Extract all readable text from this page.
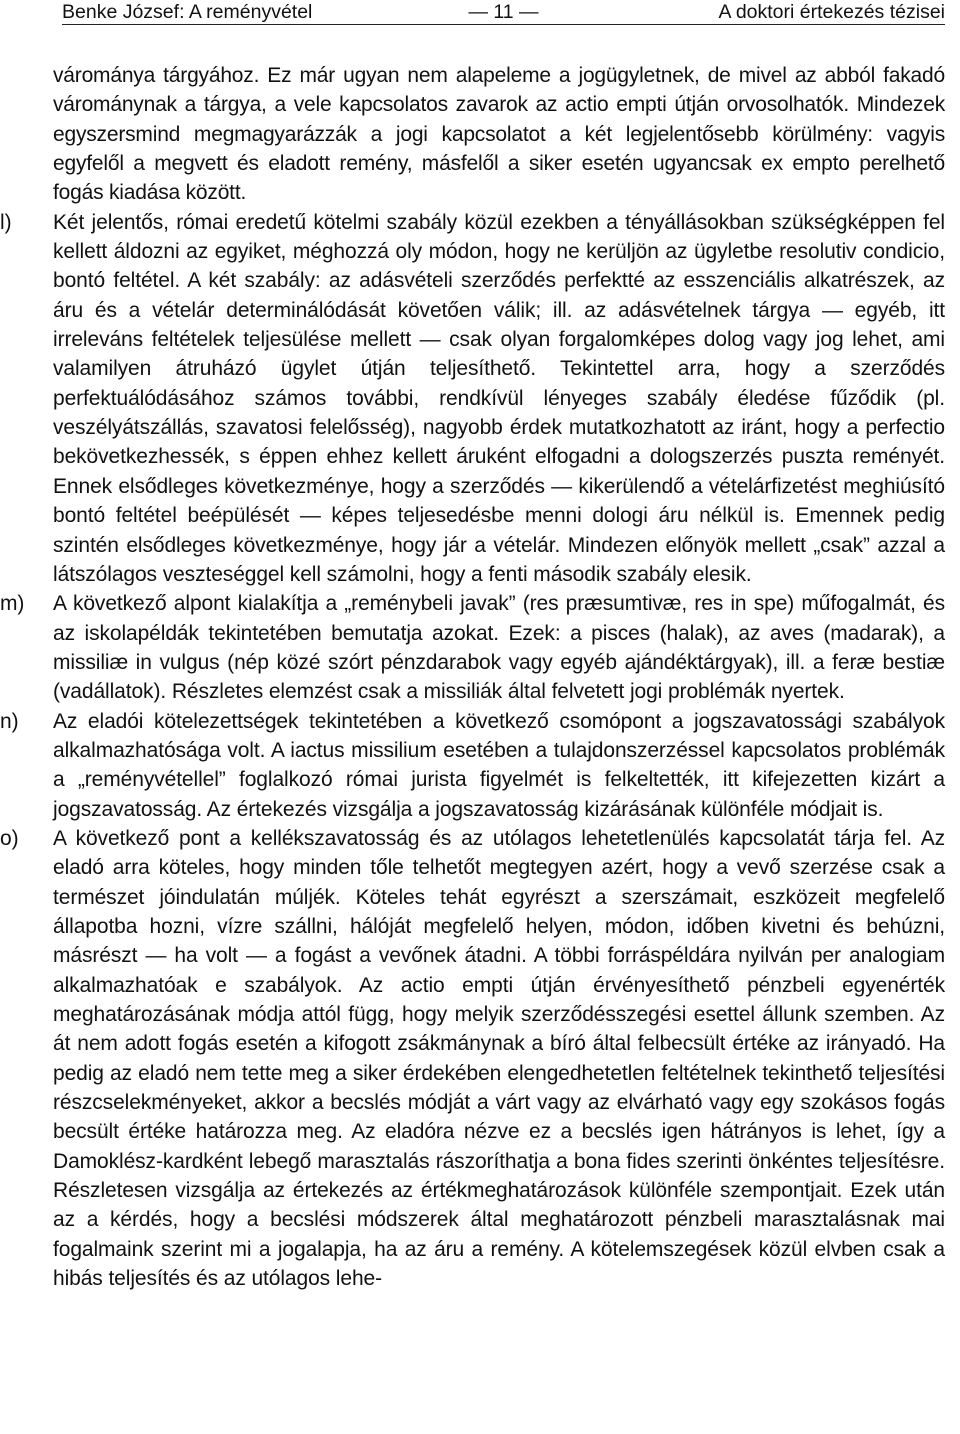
Benke József: A reményvétel	— 11 —	A doktori értekezés tézisei
várománya tárgyához. Ez már ugyan nem alapeleme a jogügyletnek, de mivel az abból fakadó várománynak a tárgya, a vele kapcsolatos zavarok az actio empti útján orvosolhatók. Mindezek egyszersmind megmagyarázzák a jogi kapcsolatot a két legjelentősebb körülmény: vagyis egyfelől a megvett és eladott remény, másfelől a siker esetén ugyancsak ex empto perelhető fogás kiadása között.
l) Két jelentős, római eredetű kötelmi szabály közül ezekben a tényállásokban szükségképpen fel kellett áldozni az egyiket, méghozzá oly módon, hogy ne kerüljön az ügyletbe resolutiv condicio, bontó feltétel. A két szabály: az adásvételi szerződés perfektté az esszenciális alkatrészek, az áru és a vételár determinálódását követően válik; ill. az adásvételnek tárgya — egyéb, itt irreleváns feltételek teljesülése mellett — csak olyan forgalomképes dolog vagy jog lehet, ami valamilyen átruházó ügylet útján teljesíthető. Tekintettel arra, hogy a szerződés perfektuálódásához számos további, rendkívül lényeges szabály éledése fűződik (pl. veszélyátszállás, szavatosi felelősség), nagyobb érdek mutatkozhatott az iránt, hogy a perfectio bekövetkezhessék, s éppen ehhez kellett áruként elfogadni a dologszerzés puszta reményét. Ennek elsődleges következménye, hogy a szerződés — kikerülendő a vételárfizetést meghiúsító bontó feltétel beépülését — képes teljesedésbe menni dologi áru nélkül is. Emennek pedig szintén elsődleges következménye, hogy jár a vételár. Mindezen előnyök mellett „csak” azzal a látszólagos veszteséggel kell számolni, hogy a fenti második szabály elesik.
m) A következő alpont kialakítja a „reménybeli javak” (res præsumtivæ, res in spe) műfogalmát, és az iskolapéldák tekintetében bemutatja azokat. Ezek: a pisces (halak), az aves (madarak), a missiliæ in vulgus (nép közé szórt pénzdarabok vagy egyéb ajándéktárgyak), ill. a feræ bestiæ (vadállatok). Részletes elemzést csak a missiliák által felvetett jogi problémák nyertek.
n) Az eladói kötelezettségek tekintetében a következő csomópont a jogszavatossági szabályok alkalmazhatósága volt. A iactus missilium esetében a tulajdonszerzéssel kapcsolatos problémák a „reményvétellel” foglalkozó római jurista figyelmét is felkeltették, itt kifejezetten kizárt a jogszavatosság. Az értekezés vizsgálja a jogszavatosság kizárásának különféle módjait is.
o) A következő pont a kellékszavatosság és az utólagos lehetetlenülés kapcsolatát tárja fel. Az eladó arra köteles, hogy minden tőle telhetőt megtegyen azért, hogy a vevő szerzése csak a természet jóindulatán múljék. Köteles tehát egyrészt a szerszámait, eszközeit megfelelő állapotba hozni, vízre szállni, hálóját megfelelő helyen, módon, időben kivetni és behúzni, másrészt — ha volt — a fogást a vevőnek átadni. A többi forráspéldára nyilván per analogiam alkalmazhatóak e szabályok. Az actio empti útján érvényesíthető pénzbeli egyenérték meghatározásának módja attól függ, hogy melyik szerződésszegési esettel állunk szemben. Az át nem adott fogás esetén a kifogott zsákmánynak a bíró által felbecsült értéke az irányadó. Ha pedig az eladó nem tette meg a siker érdekében elengedhetetlen feltételnek tekinthető teljesítési részcselekményeket, akkor a becslés módját a várt vagy az elvárható vagy egy szokásos fogás becsült értéke határozza meg. Az eladóra nézve ez a becslés igen hátrányos is lehet, így a Damoklész-kardként lebegő marasztalás rászoríthatja a bona fides szerinti önkéntes teljesítésre. Részletesen vizsgálja az értekezés az értékmeghatározások különféle szempontjait. Ezek után az a kérdés, hogy a becslési módszerek által meghatározott pénzbeli marasztalásnak mai fogalmaink szerint mi a jogalapja, ha az áru a remény. A kötelemszegések közül elvben csak a hibás teljesítés és az utólagos lehe-
